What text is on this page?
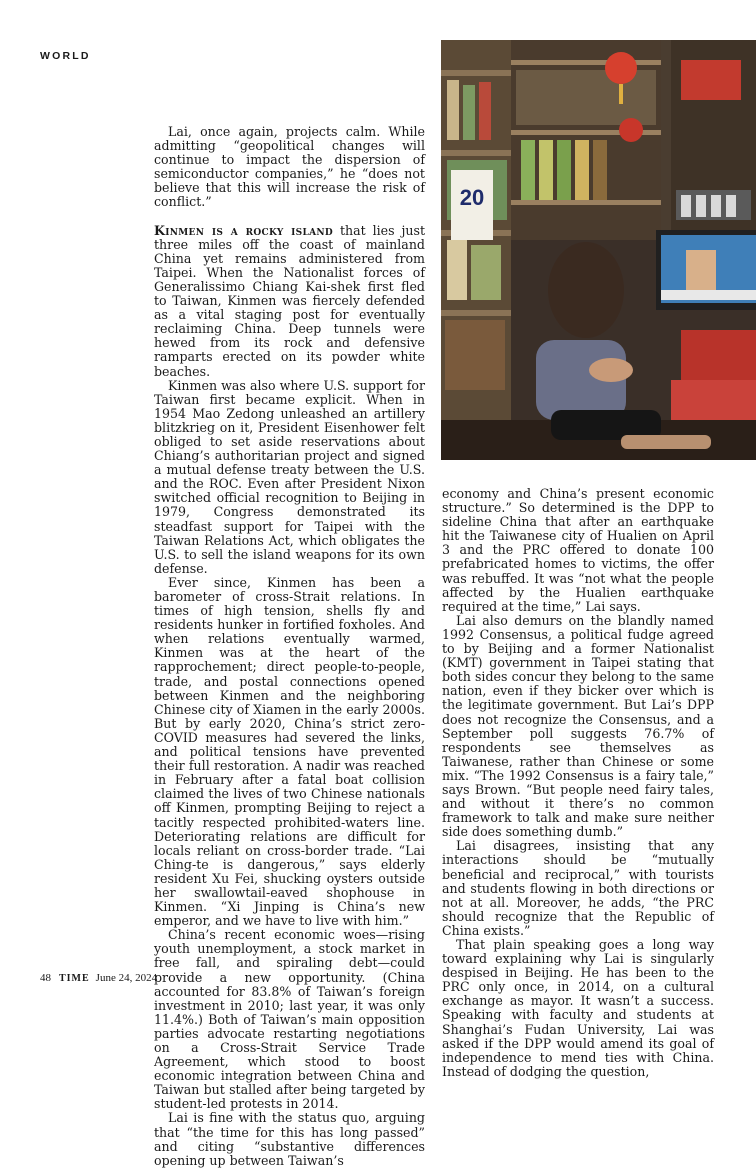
WORLD

Lai, once again, projects calm. While admitting “geopolitical changes will continue to impact the dispersion of semiconductor companies,” he “does not believe that this will increase the risk of conflict.”

Kinmen is a rocky island that lies just three miles off the coast of mainland China yet remains administered from Taipei. When the Nationalist forces of Generalissimo Chiang Kai-shek first fled to Taiwan, Kinmen was fiercely defended as a vital staging post for eventually reclaiming China. Deep tunnels were hewed from its rock and defensive ramparts erected on its powder white beaches.

Kinmen was also where U.S. support for Taiwan first became explicit. When in 1954 Mao Zedong unleashed an artillery blitzkrieg on it, President Eisenhower felt obliged to set aside reservations about Chiang’s authoritarian project and signed a mutual defense treaty between the U.S. and the ROC. Even after President Nixon switched official recognition to Beijing in 1979, Congress demonstrated its steadfast support for Taipei with the Taiwan Relations Act, which obligates the U.S. to sell the island weapons for its own defense.

Ever since, Kinmen has been a barometer of cross-Strait relations. In times of high tension, shells fly and residents hunker in fortified foxholes. And when relations eventually warmed, Kinmen was at the heart of the rapprochement; direct people-to-people, trade, and postal connections opened between Kinmen and the neighboring Chinese city of Xiamen in the early 2000s. But by early 2020, China’s strict zero-COVID measures had severed the links, and political tensions have prevented their full restoration. A nadir was reached in February after a fatal boat collision claimed the lives of two Chinese nationals off Kinmen, prompting Beijing to reject a tacitly respected prohibited-waters line. Deteriorating relations are difficult for locals reliant on cross-border trade. “Lai Ching-te is dangerous,” says elderly resident Xu Fei, shucking oysters outside her swallowtail-eaved shophouse in Kinmen. “Xi Jinping is China’s new emperor, and we have to live with him.”

China’s recent economic woes—rising youth unemployment, a stock market in free fall, and spiraling debt—could provide a new opportunity. (China accounted for 83.8% of Taiwan’s foreign investment in 2010; last year, it was only 11.4%.) Both of Taiwan’s main opposition parties advocate restarting negotiations on a Cross-Strait Service Trade Agreement, which stood to boost economic integration between China and Taiwan but stalled after being targeted by student-led protests in 2014.

Lai is fine with the status quo, arguing that “the time for this has long passed” and citing “substantive differences opening up between Taiwan’s

20

economy and China’s present economic structure.” So determined is the DPP to sideline China that after an earthquake hit the Taiwanese city of Hualien on April 3 and the PRC offered to donate 100 prefabricated homes to victims, the offer was rebuffed. It was “not what the people affected by the Hualien earthquake required at the time,” Lai says.

Lai also demurs on the blandly named 1992 Consensus, a political fudge agreed to by Beijing and a former Nationalist (KMT) government in Taipei stating that both sides concur they belong to the same nation, even if they bicker over which is the legitimate government. But Lai’s DPP does not recognize the Consensus, and a September poll suggests 76.7% of respondents see themselves as Taiwanese, rather than Chinese or some mix. “The 1992 Consensus is a fairy tale,” says Brown. “But people need fairy tales, and without it there’s no common framework to talk and make sure neither side does something dumb.”

Lai disagrees, insisting that any interactions should be “mutually beneficial and reciprocal,” with tourists and students flowing in both directions or not at all. Moreover, he adds, “the PRC should recognize that the Republic of China exists.”

That plain speaking goes a long way toward explaining why Lai is singularly despised in Beijing. He has been to the PRC only once, in 2014, on a cultural exchange as mayor. It wasn’t a success. Speaking with faculty and students at Shanghai’s Fudan University, Lai was asked if the DPP would amend its goal of independence to mend ties with China. Instead of dodging the question,

48 TIME June 24, 2024
